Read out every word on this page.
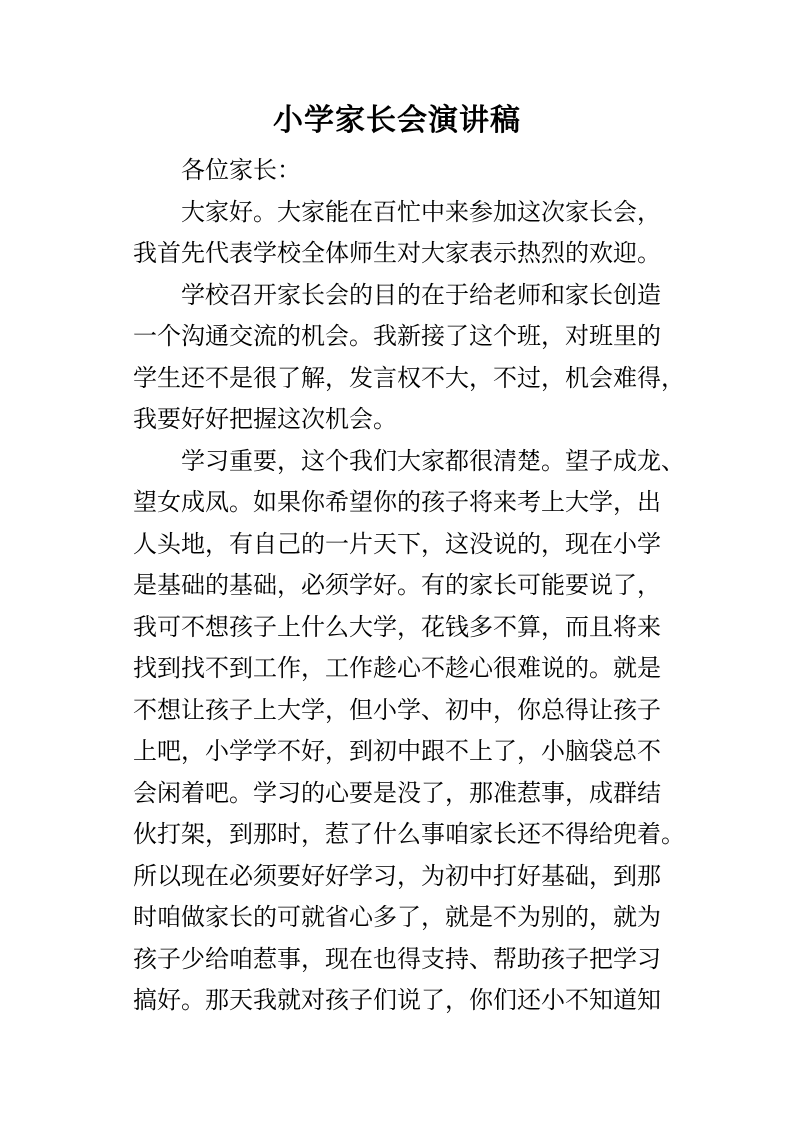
小学家长会演讲稿
各位家长：
大家好。大家能在百忙中来参加这次家长会，
我首先代表学校全体师生对大家表示热烈的欢迎。
学校召开家长会的目的在于给老师和家长创造
一个沟通交流的机会。我新接了这个班，对班里的
学生还不是很了解，发言权不大，不过，机会难得，
我要好好把握这次机会。
学习重要，这个我们大家都很清楚。望子成龙、
望女成凤。如果你希望你的孩子将来考上大学，出
人头地，有自己的一片天下，这没说的，现在小学
是基础的基础，必须学好。有的家长可能要说了，
我可不想孩子上什么大学，花钱多不算，而且将来
找到找不到工作，工作趁心不趁心很难说的。就是
不想让孩子上大学，但小学、初中，你总得让孩子
上吧，小学学不好，到初中跟不上了，小脑袋总不
会闲着吧。学习的心要是没了，那准惹事，成群结
伙打架，到那时，惹了什么事咱家长还不得给兜着。
所以现在必须要好好学习，为初中打好基础，到那
时咱做家长的可就省心多了，就是不为别的，就为
孩子少给咱惹事，现在也得支持、帮助孩子把学习
搞好。那天我就对孩子们说了，你们还小不知道知
